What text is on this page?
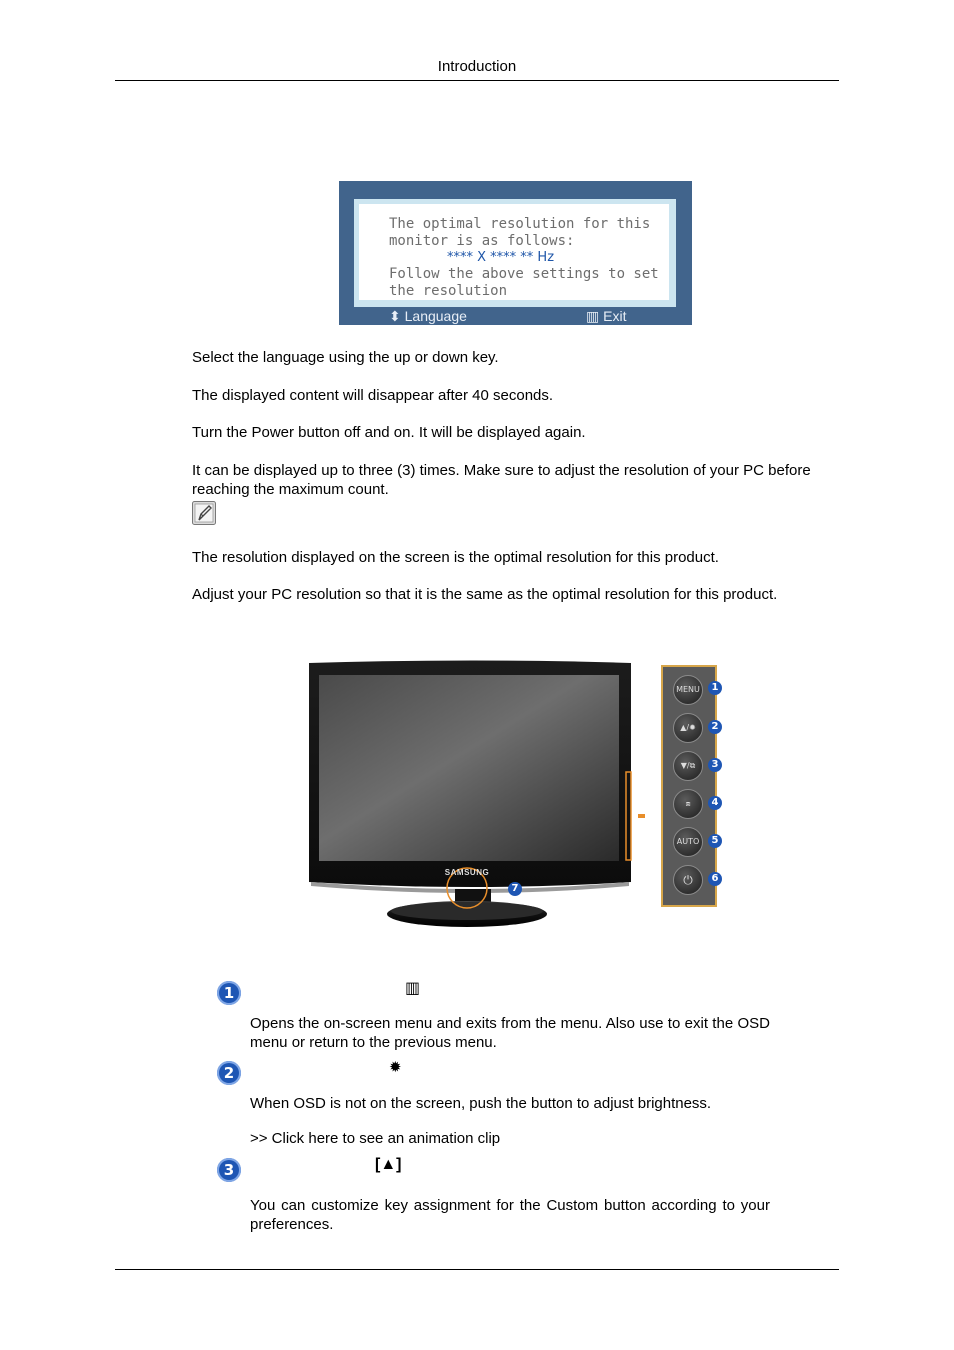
Introduction
The optimal resolution for this
monitor is as follows:
**** X **** ** Hz
Follow the above settings to set
the resolution
⬍ Language	▥ Exit
Select the language using the up or down key.
The displayed content will disappear after 40 seconds.
Turn the Power button off and on. It will be displayed again.
It can be displayed up to three (3) times. Make sure to adjust the resolution of your PC before reaching the maximum count.
The resolution displayed on the screen is the optimal resolution for this product.
Adjust your PC resolution so that it is the same as the optimal resolution for this product.
SAMSUNG
7
MENU
▲/✹
▼/⧉
⧈
AUTO
⏻
1
2
3
4
5
6
1	▥
Opens the on-screen menu and exits from the menu. Also use to exit the OSD menu or return to the previous menu.
2	✹
When OSD is not on the screen, push the button to adjust brightness.
>> Click here to see an animation clip
3	[▲]
You can customize key assignment for the Custom button according to your preferences.
